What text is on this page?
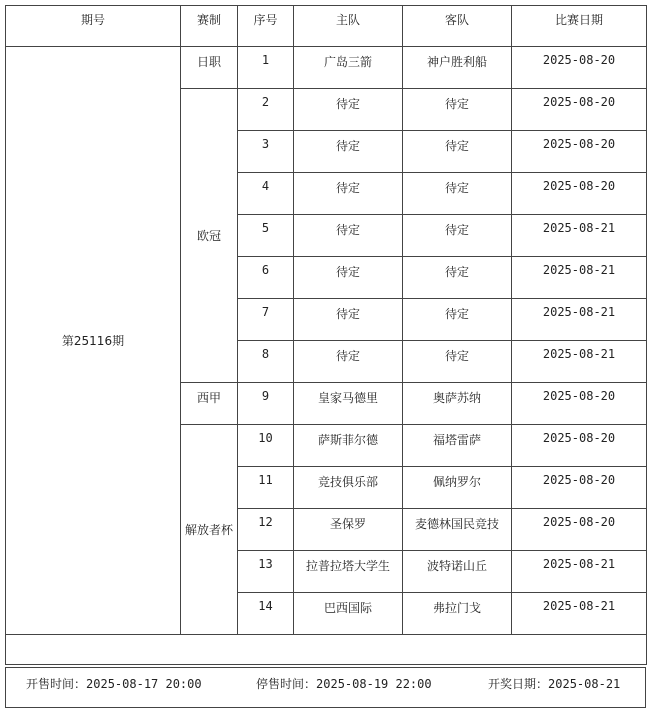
期号	赛制	序号	主队	客队	比赛日期
第25116期	日职	1	广岛三箭	神户胜利船	2025-08-20
	欧冠	2	待定	待定	2025-08-20
		3	待定	待定	2025-08-20
		4	待定	待定	2025-08-20
		5	待定	待定	2025-08-21
		6	待定	待定	2025-08-21
		7	待定	待定	2025-08-21
		8	待定	待定	2025-08-21
	西甲	9	皇家马德里	奥萨苏纳	2025-08-20
	解放者杯	10	萨斯菲尔德	福塔雷萨	2025-08-20
		11	竞技俱乐部	佩纳罗尔	2025-08-20
		12	圣保罗	麦德林国民竞技	2025-08-20
		13	拉普拉塔大学生	波特诺山丘	2025-08-21
		14	巴西国际	弗拉门戈	2025-08-21

开售时间：2025-08-17 20:00	停售时间：2025-08-19 22:00	开奖日期：2025-08-21
